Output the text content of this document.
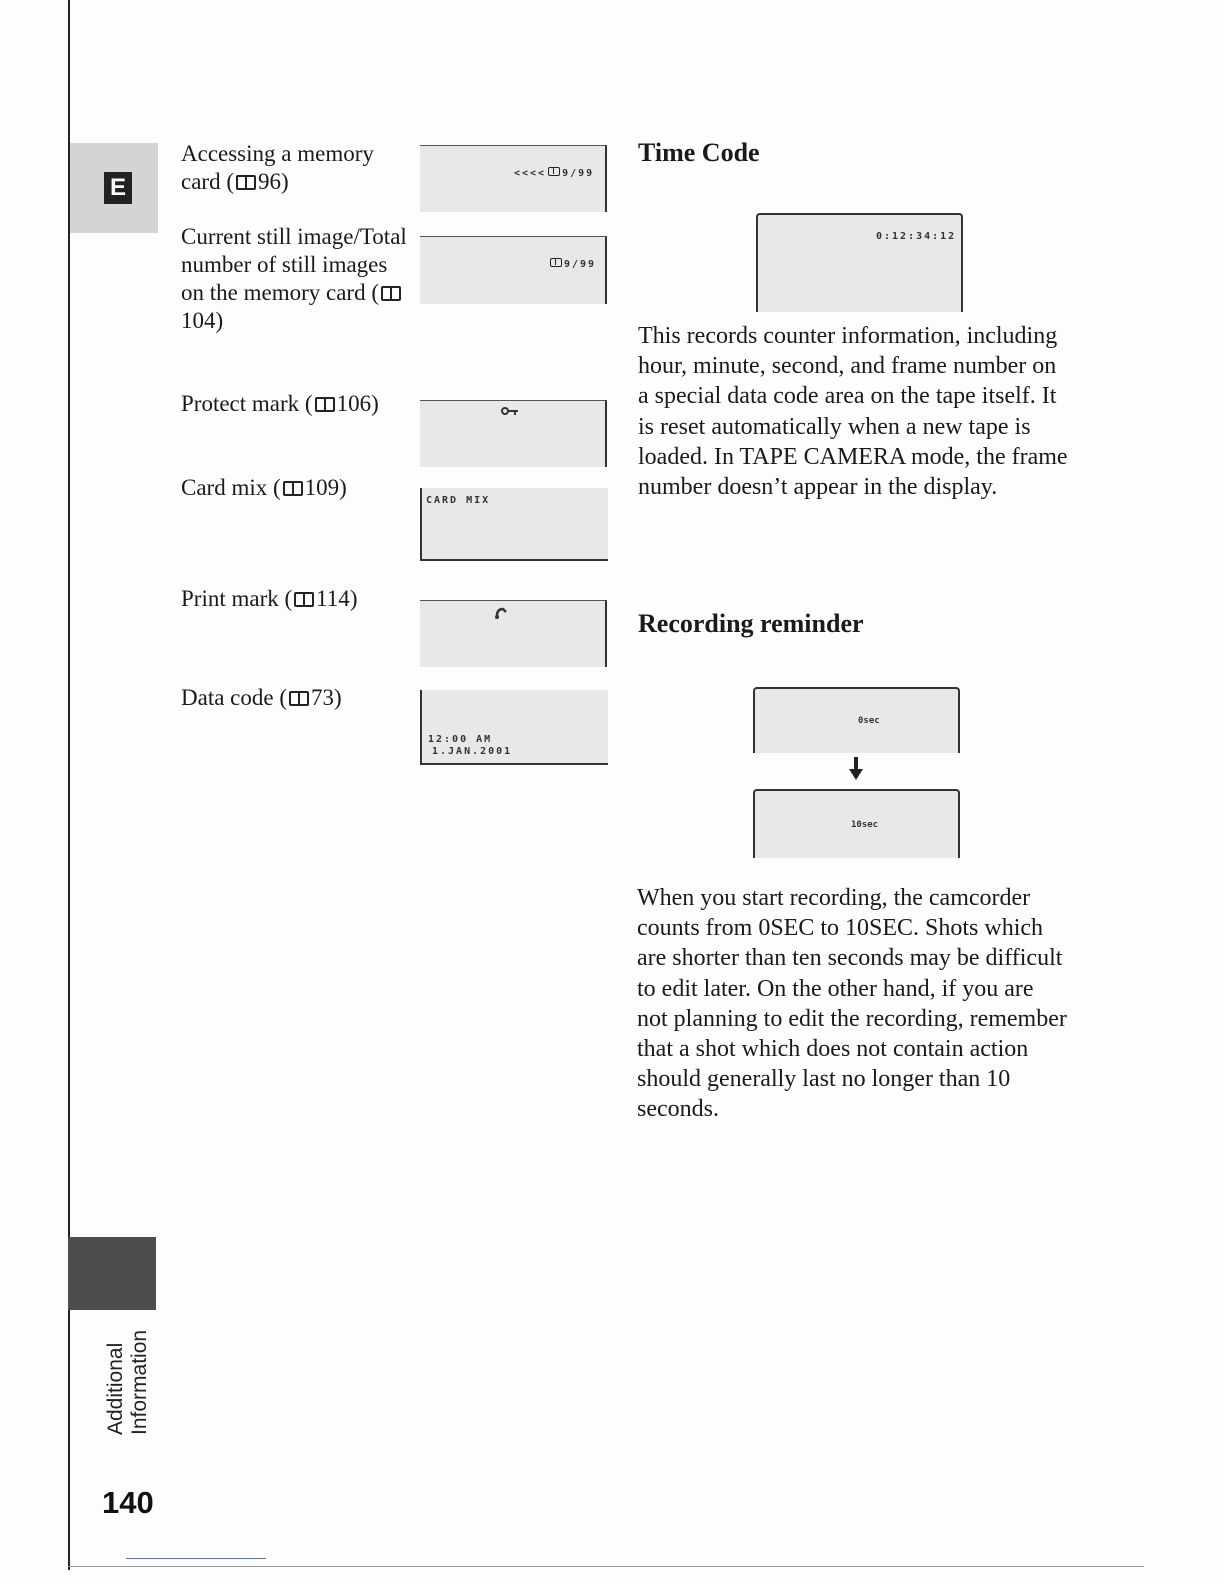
E
Additional
Information
140
Accessing a memory card ( 96)
Current still image/Total number of still images on the memory card (104)
Protect mark ( 106)
Card mix ( 109)
Print mark ( 114)
Data code ( 73)
<<<< 9/99
9/99
CARD MIX
12:00 AM
1.JAN.2001
Time Code
0:12:34:12
This records counter information, including hour, minute, second, and frame number on a special data code area on the tape itself. It is reset automatically when a new tape is loaded. In TAPE CAMERA mode, the frame number doesn’t appear in the display.
Recording reminder
0sec
10sec
When you start recording, the camcorder counts from 0SEC to 10SEC. Shots which are shorter than ten seconds may be difficult to edit later. On the other hand, if you are not planning to edit the recording, remember that a shot which does not contain action should generally last no longer than 10 seconds.
